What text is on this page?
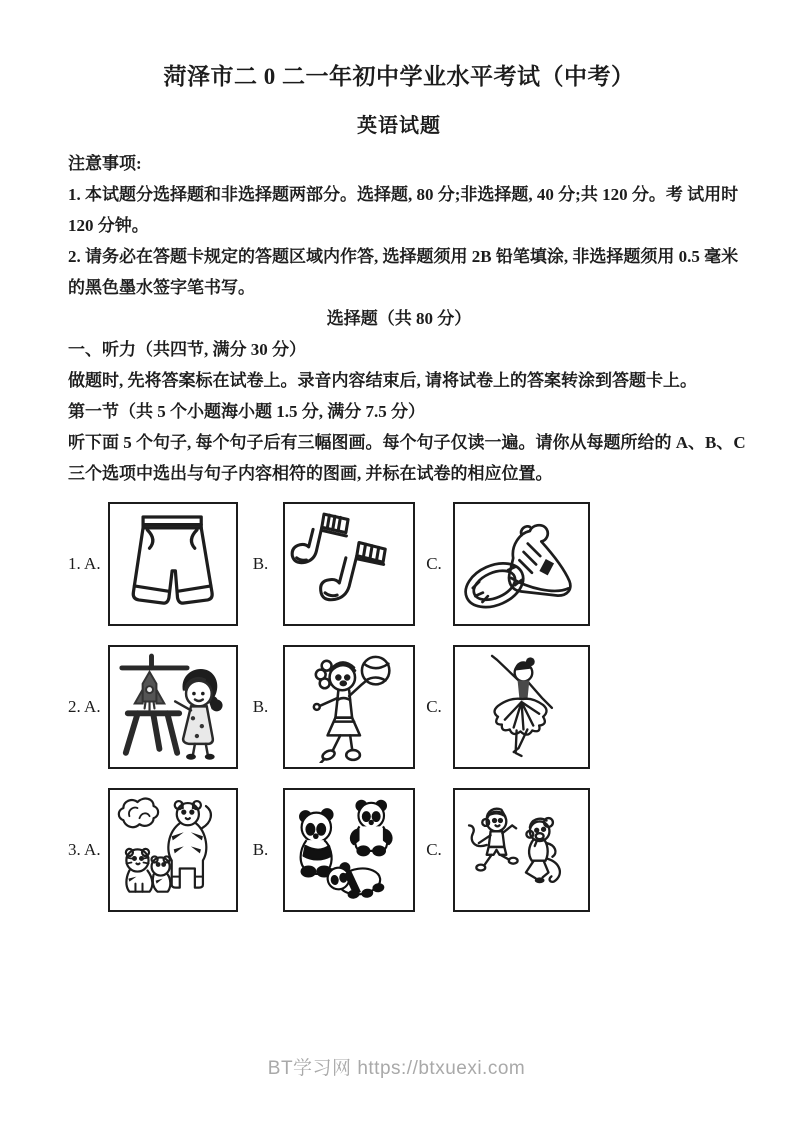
菏泽市二 0 二一年初中学业水平考试（中考）
英语试题
注意事项:
1. 本试题分选择题和非选择题两部分。选择题, 80 分;非选择题, 40 分;共 120 分。考 试用时
120 分钟。
2. 请务必在答题卡规定的答题区域内作答, 选择题须用 2B 铅笔填涂, 非选择题须用 0.5 毫米
的黑色墨水签字笔书写。
选择题（共 80 分）
一、听力（共四节, 满分 30 分）
做题时, 先将答案标在试卷上。录音内容结束后, 请将试卷上的答案转涂到答题卡上。
第一节（共 5 个小题海小题 1.5 分, 满分 7.5 分）
听下面 5 个句子, 每个句子后有三幅图画。每个句子仅读一遍。请你从每题所给的 A、B、C
三个选项中选出与句子内容相符的图画, 并标在试卷的相应位置。
1. A.	B.	C.
2. A.	B.	C.
3. A.	B.	C.
BT学习网 https://btxuexi.com
